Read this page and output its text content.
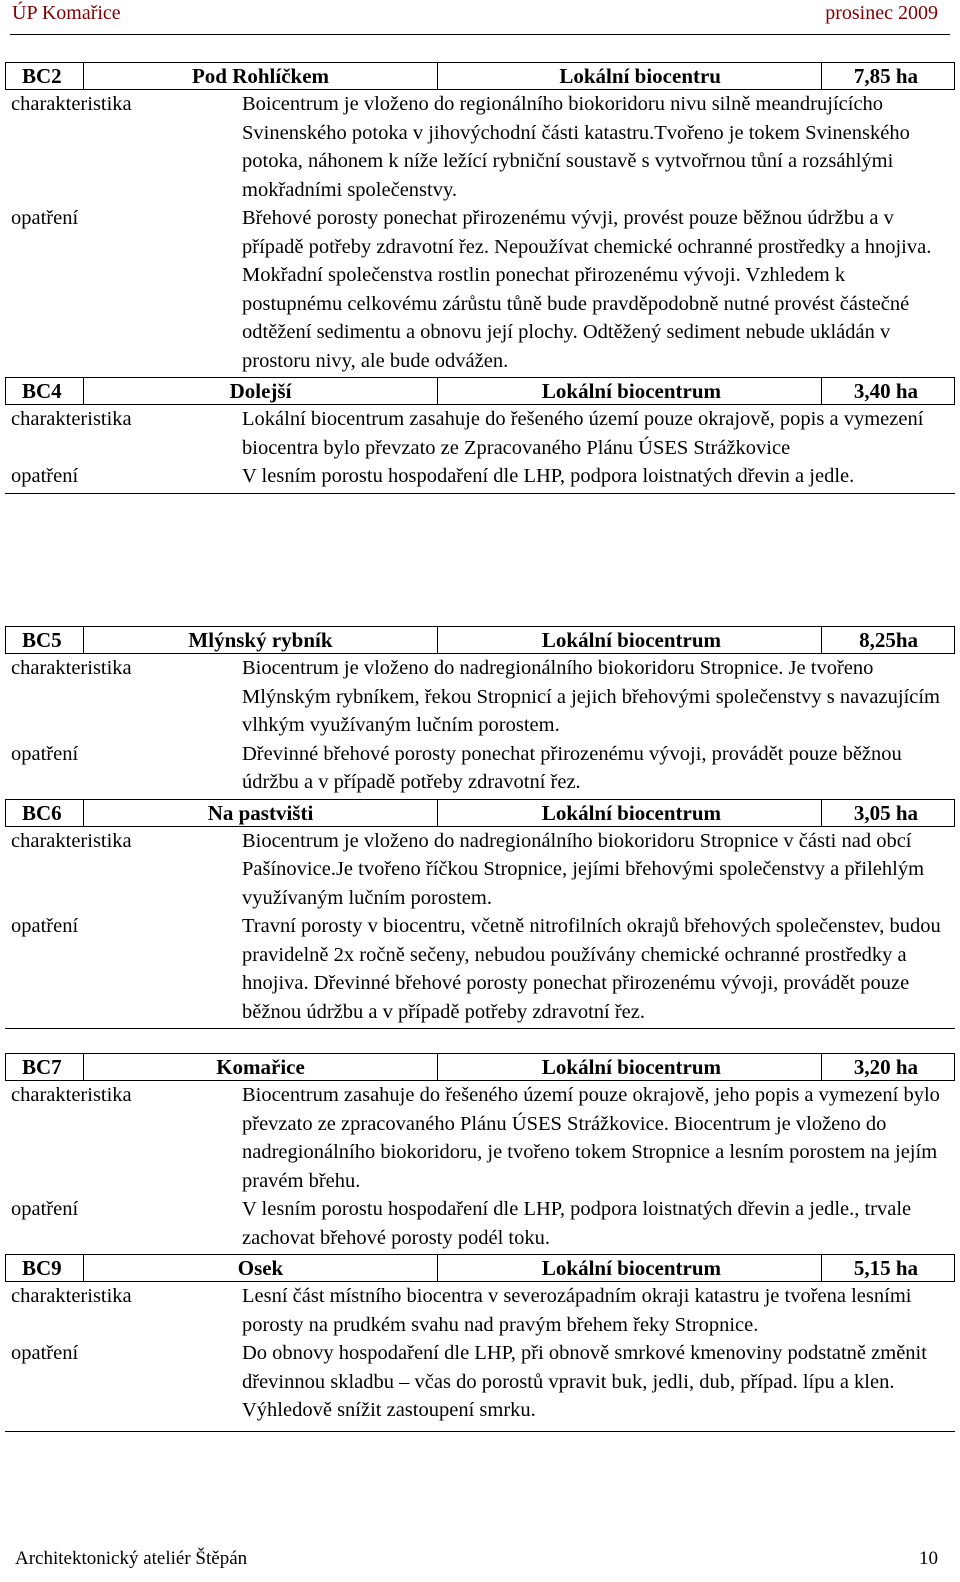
ÚP Komařice	prosinec 2009
BC2	Pod Rohlíčkem	Lokální biocentru	7,85 ha
charakteristika	Boicentrum je vloženo do regionálního biokoridoru nivu silně meandrujícícho Svinenského potoka v jihovýchodní části katastru.Tvořeno je tokem Svinenského potoka, náhonem k níže ležící rybniční soustavě s vytvořrnou tůní a rozsáhlými mokřadními společenstvy.
opatření	Břehové porosty ponechat přirozenému vývji, provést pouze běžnou údržbu a v případě potřeby zdravotní řez. Nepoužívat chemické ochranné prostředky a hnojiva. Mokřadní společenstva rostlin ponechat přirozenému vývoji. Vzhledem k postupnému celkovému zárůstu tůně bude pravděpodobně nutné provést částečné odtěžení sedimentu a obnovu její plochy. Odtěžený sediment nebude ukládán v prostoru nivy, ale bude odvážen.
BC4	Dolejší	Lokální biocentrum	3,40 ha
charakteristika	Lokální biocentrum zasahuje do řešeného území pouze okrajově, popis a vymezení biocentra bylo převzato ze Zpracovaného Plánu ÚSES Strážkovice
opatření	V lesním porostu hospodaření dle LHP, podpora loistnatých dřevin a jedle.
BC5	Mlýnský rybník	Lokální biocentrum	8,25ha
charakteristika	Biocentrum je vloženo do nadregionálního biokoridoru Stropnice. Je tvořeno Mlýnským rybníkem, řekou Stropnicí a jejich břehovými společenstvy s navazujícím vlhkým využívaným lučním porostem.
opatření	Dřevinné břehové porosty ponechat přirozenému vývoji, provádět pouze běžnou údržbu a v případě potřeby zdravotní řez.
BC6	Na pastvišti	Lokální biocentrum	3,05 ha
charakteristika	Biocentrum je vloženo do nadregionálního biokoridoru Stropnice v části nad obcí Pašínovice.Je tvořeno říčkou Stropnice, jejími břehovými společenstvy a přilehlým využívaným lučním porostem.
opatření	Travní porosty v biocentru, včetně nitrofilních okrajů břehových společenstev, budou pravidelně 2x ročně sečeny, nebudou používány chemické ochranné prostředky a hnojiva. Dřevinné břehové porosty ponechat přirozenému vývoji, provádět pouze běžnou údržbu a v případě potřeby zdravotní řez.
BC7	Komařice	Lokální biocentrum	3,20 ha
charakteristika	Biocentrum zasahuje do řešeného území pouze okrajově, jeho popis a vymezení bylo převzato ze zpracovaného Plánu ÚSES Strážkovice. Biocentrum je vloženo do nadregionálního biokoridoru, je tvořeno tokem Stropnice a lesním porostem na jejím pravém břehu.
opatření	V lesním porostu hospodaření dle LHP, podpora loistnatých dřevin a jedle., trvale zachovat břehové porosty podél toku.
BC9	Osek	Lokální biocentrum	5,15 ha
charakteristika	Lesní část místního biocentra v severozápadním okraji katastru je tvořena lesními porosty na prudkém svahu nad pravým břehem řeky Stropnice.
opatření	Do obnovy hospodaření dle LHP, při obnově smrkové kmenoviny podstatně změnit dřevinnou skladbu – včas do porostů vpravit buk, jedli, dub, případ. lípu a klen. Výhledově snížit zastoupení smrku.
Architektonický ateliér Štěpán	10
